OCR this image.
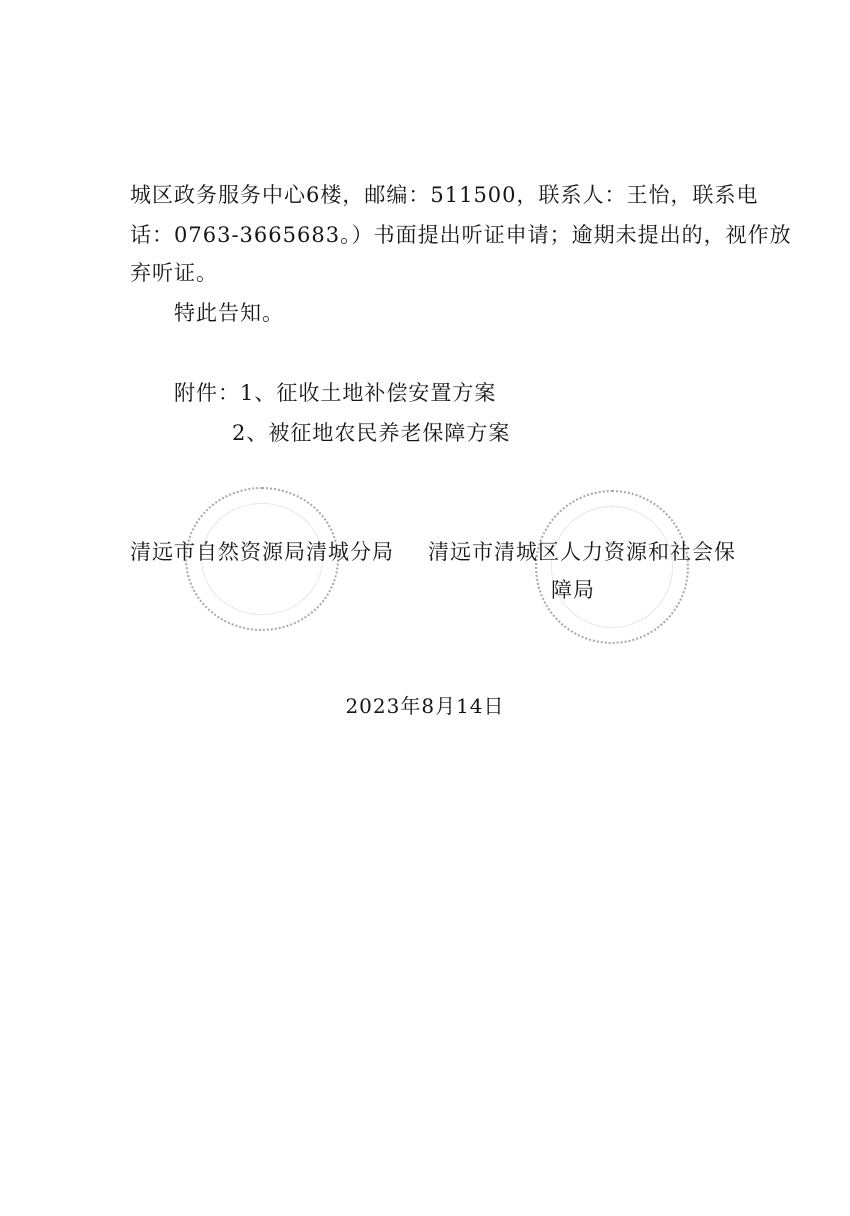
城区政务服务中心6楼，邮编：511500，联系人：王怡，联系电
话：0763-3665683。）书面提出听证申请；逾期未提出的，视作放
弃听证。
特此告知。
附件：1、征收土地补偿安置方案
2、被征地农民养老保障方案
清远市自然资源局清城分局 清远市清城区人力资源和社会保
障局
2023年8月14日
